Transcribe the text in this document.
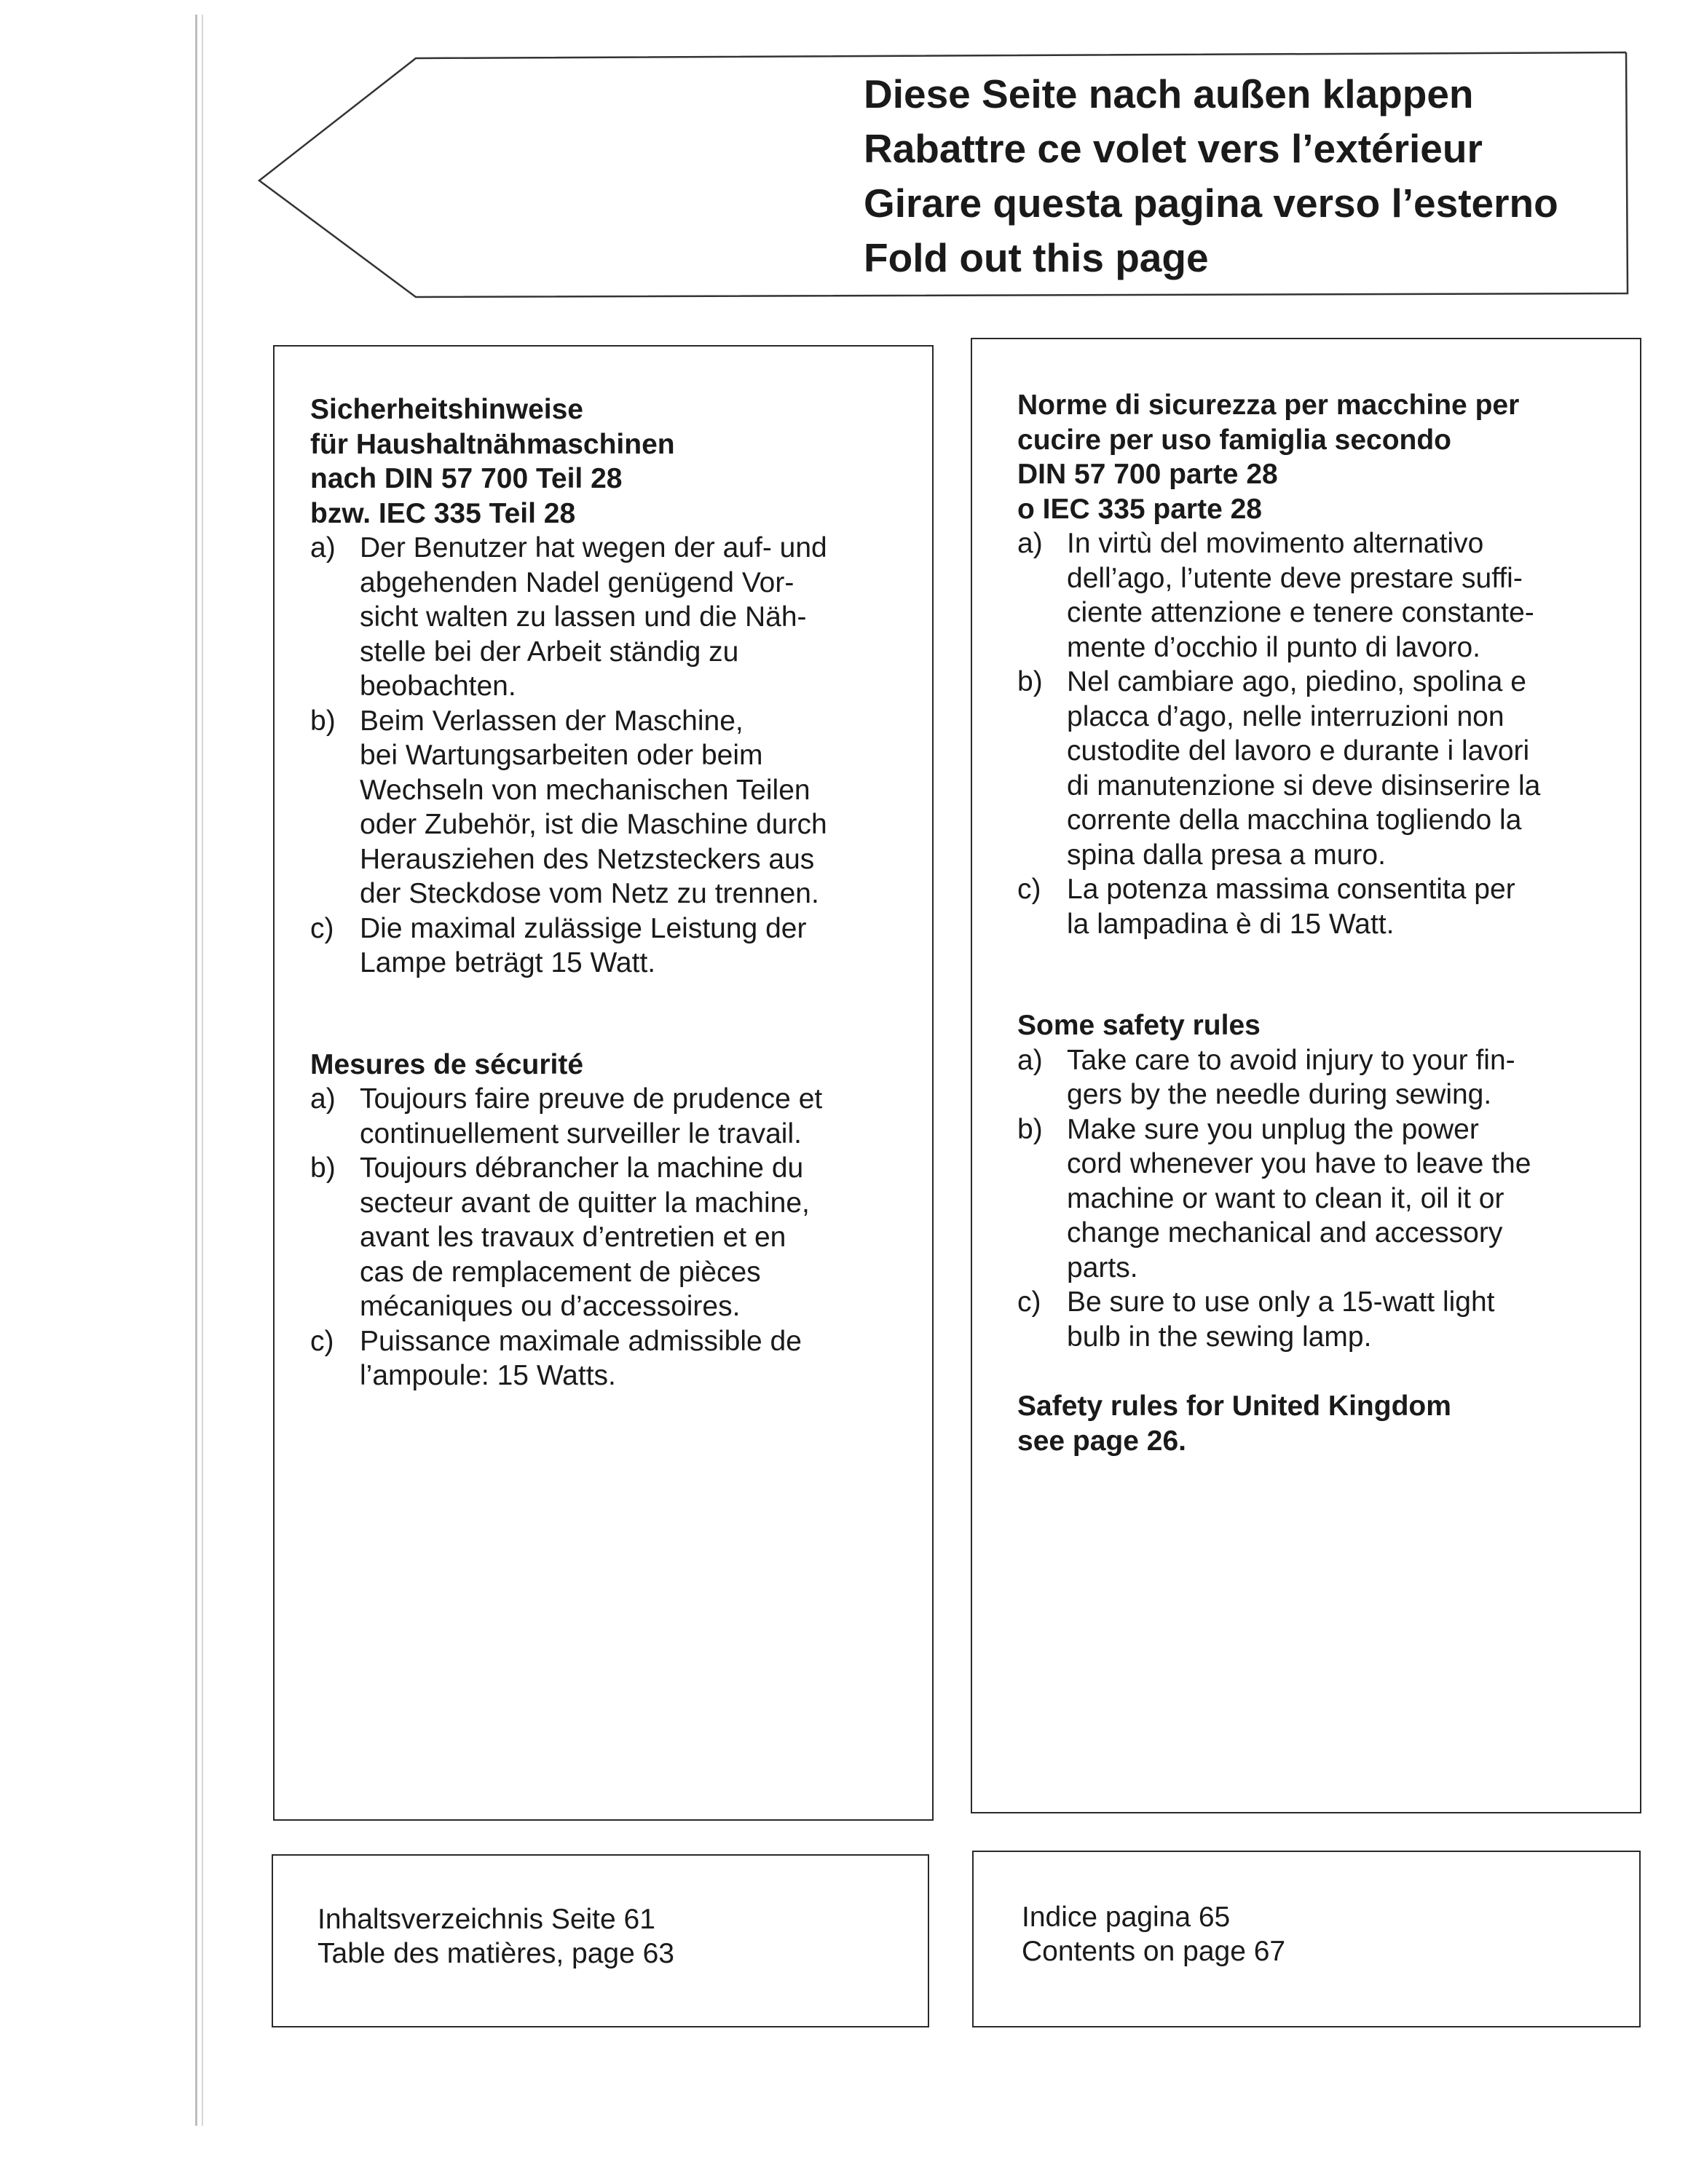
Diese Seite nach außen klappen
Rabattre ce volet vers l’extérieur
Girare questa pagina verso l’esterno
Fold out this page
Sicherheitshinweise
für Haushaltnähmaschinen
nach DIN 57 700 Teil 28
bzw. IEC 335 Teil 28
a) Der Benutzer hat wegen der auf- und
abgehenden Nadel genügend Vor-
sicht walten zu lassen und die Näh-
stelle bei der Arbeit ständig zu
beobachten.
b) Beim Verlassen der Maschine,
bei Wartungsarbeiten oder beim
Wechseln von mechanischen Teilen
oder Zubehör, ist die Maschine durch
Herausziehen des Netzsteckers aus
der Steckdose vom Netz zu trennen.
c) Die maximal zulässige Leistung der
Lampe beträgt 15 Watt.
Mesures de sécurité
a) Toujours faire preuve de prudence et
continuellement surveiller le travail.
b) Toujours débrancher la machine du
secteur avant de quitter la machine,
avant les travaux d’entretien et en
cas de remplacement de pièces
mécaniques ou d’accessoires.
c) Puissance maximale admissible de
l’ampoule: 15 Watts.
Norme di sicurezza per macchine per
cucire per uso famiglia secondo
DIN 57 700 parte 28
o IEC 335 parte 28
a) In virtù del movimento alternativo
dell’ago, l’utente deve prestare suffi-
ciente attenzione e tenere constante-
mente d’occhio il punto di lavoro.
b) Nel cambiare ago, piedino, spolina e
placca d’ago, nelle interruzioni non
custodite del lavoro e durante i lavori
di manutenzione si deve disinserire la
corrente della macchina togliendo la
spina dalla presa a muro.
c) La potenza massima consentita per
la lampadina è di 15 Watt.
Some safety rules
a) Take care to avoid injury to your fin-
gers by the needle during sewing.
b) Make sure you unplug the power
cord whenever you have to leave the
machine or want to clean it, oil it or
change mechanical and accessory
parts.
c) Be sure to use only a 15-watt light
bulb in the sewing lamp.
Safety rules for United Kingdom
see page 26.
Inhaltsverzeichnis Seite 61
Table des matières, page 63
Indice pagina 65
Contents on page 67
